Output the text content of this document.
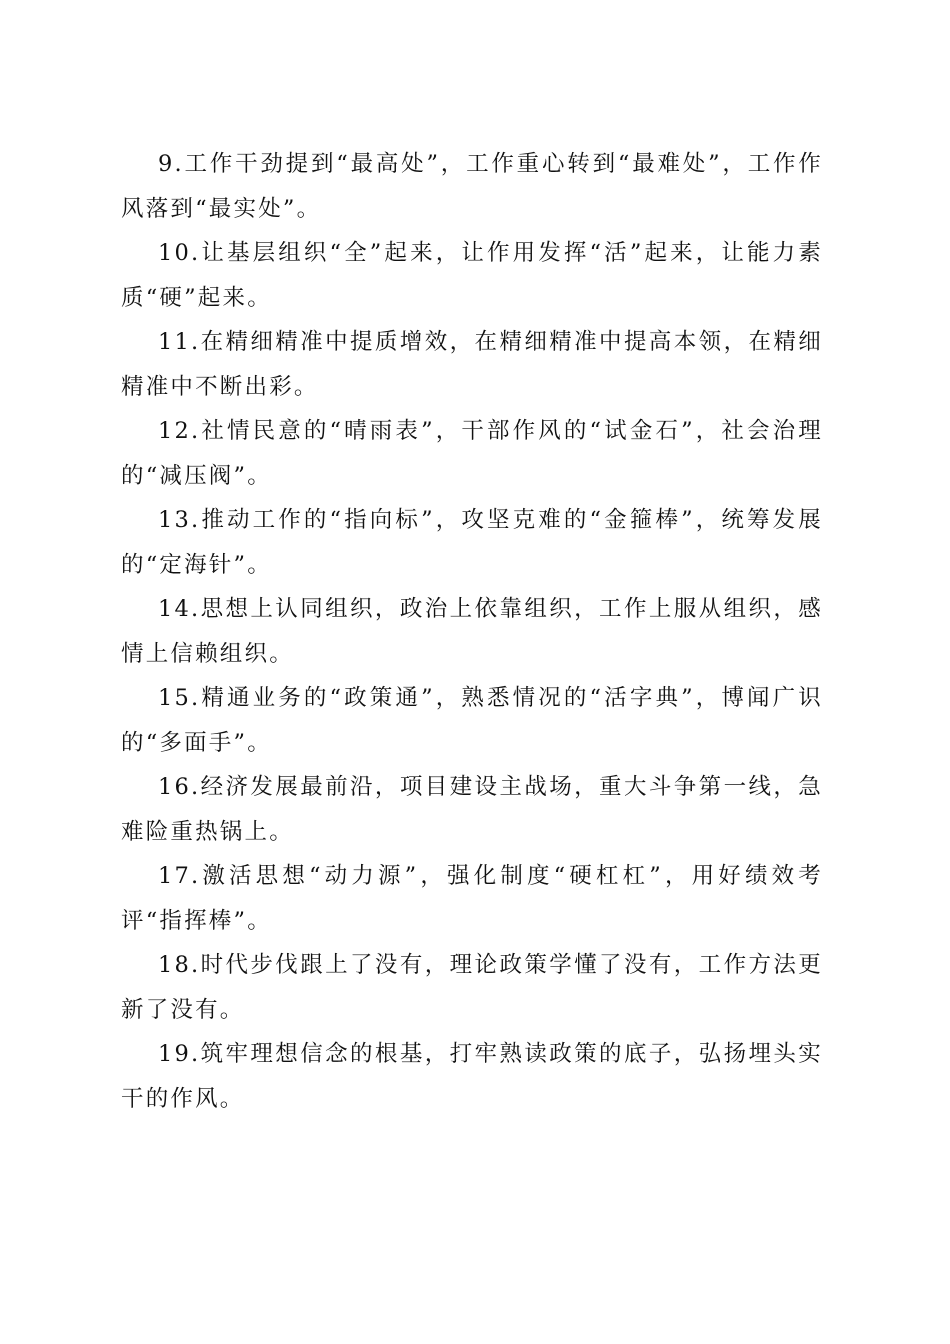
9.工作干劲提到“最高处”，工作重心转到“最难处”，工作作风落到“最实处”。

10.让基层组织“全”起来，让作用发挥“活”起来，让能力素质“硬”起来。

11.在精细精准中提质增效，在精细精准中提高本领，在精细精准中不断出彩。

12.社情民意的“晴雨表”，干部作风的“试金石”，社会治理的“减压阀”。

13.推动工作的“指向标”，攻坚克难的“金箍棒”，统筹发展的“定海针”。

14.思想上认同组织，政治上依靠组织，工作上服从组织，感情上信赖组织。

15.精通业务的“政策通”，熟悉情况的“活字典”，博闻广识的“多面手”。

16.经济发展最前沿，项目建设主战场，重大斗争第一线，急难险重热锅上。

17.激活思想“动力源”，强化制度“硬杠杠”，用好绩效考评“指挥棒”。

18.时代步伐跟上了没有，理论政策学懂了没有，工作方法更新了没有。

19.筑牢理想信念的根基，打牢熟读政策的底子，弘扬埋头实干的作风。
